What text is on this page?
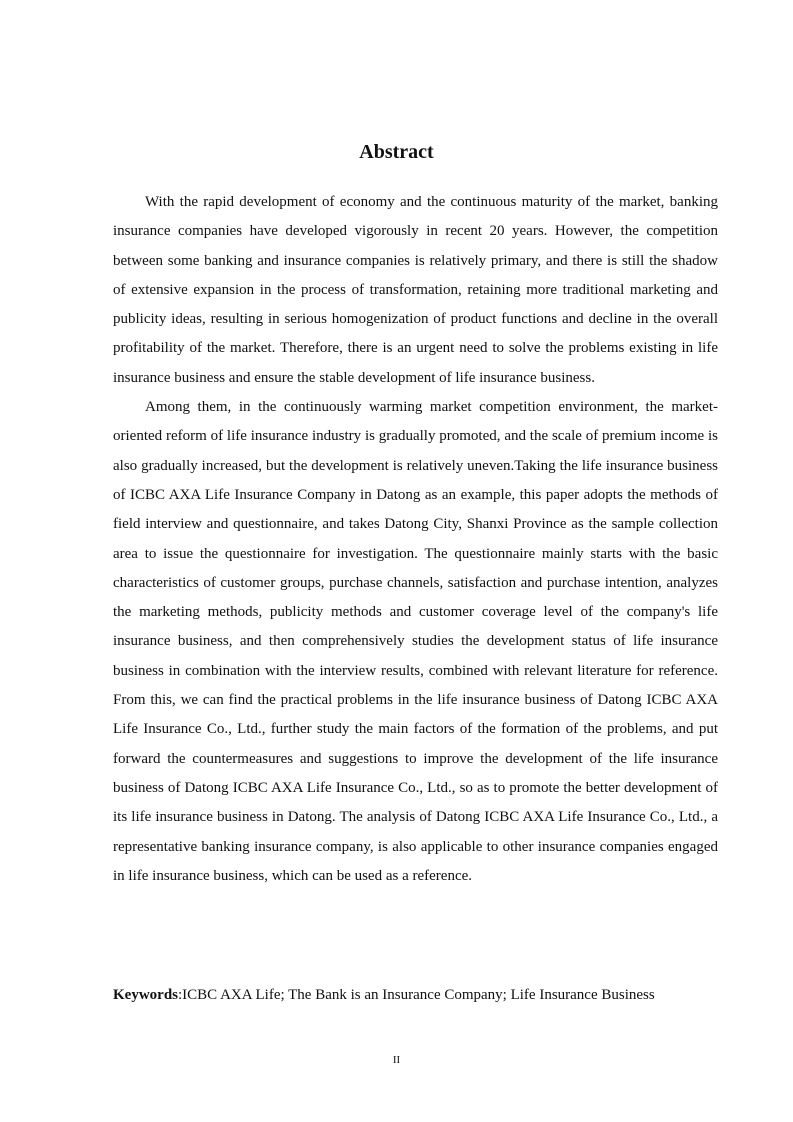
Abstract

With the rapid development of economy and the continuous maturity of the market, banking insurance companies have developed vigorously in recent 20 years. However, the competition between some banking and insurance companies is relatively primary, and there is still the shadow of extensive expansion in the process of transformation, retaining more traditional marketing and publicity ideas, resulting in serious homogenization of product functions and decline in the overall profitability of the market. Therefore, there is an urgent need to solve the problems existing in life insurance business and ensure the stable development of life insurance business.

Among them, in the continuously warming market competition environment, the market-oriented reform of life insurance industry is gradually promoted, and the scale of premium income is also gradually increased, but the development is relatively uneven.Taking the life insurance business of ICBC AXA Life Insurance Company in Datong as an example, this paper adopts the methods of field interview and questionnaire, and takes Datong City, Shanxi Province as the sample collection area to issue the questionnaire for investigation. The questionnaire mainly starts with the basic characteristics of customer groups, purchase channels, satisfaction and purchase intention, analyzes the marketing methods, publicity methods and customer coverage level of the company's life insurance business, and then comprehensively studies the development status of life insurance business in combination with the interview results, combined with relevant literature for reference. From this, we can find the practical problems in the life insurance business of Datong ICBC AXA Life Insurance Co., Ltd., further study the main factors of the formation of the problems, and put forward the countermeasures and suggestions to improve the development of the life insurance business of Datong ICBC AXA Life Insurance Co., Ltd., so as to promote the better development of its life insurance business in Datong. The analysis of Datong ICBC AXA Life Insurance Co., Ltd., a representative banking insurance company, is also applicable to other insurance companies engaged in life insurance business, which can be used as a reference.

Keywords:ICBC AXA Life; The Bank is an Insurance Company; Life Insurance Business

II
